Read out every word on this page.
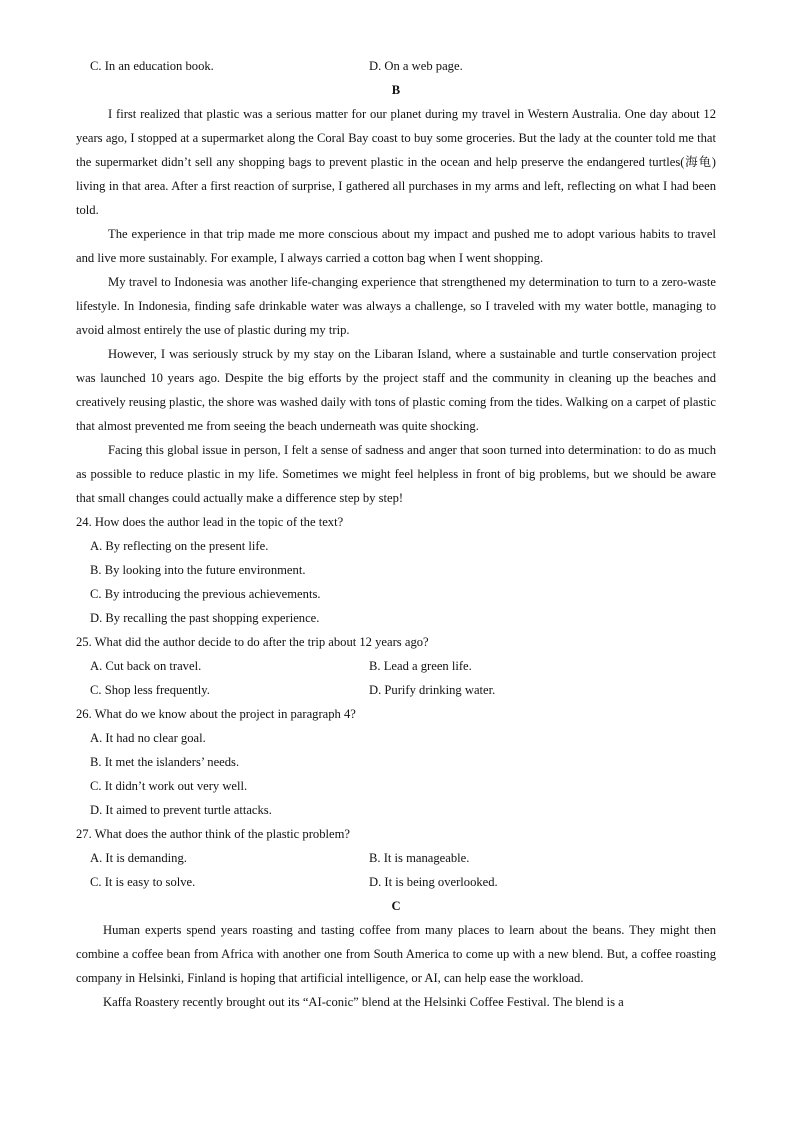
C. In an education book.	D. On a web page.
B

I first realized that plastic was a serious matter for our planet during my travel in Western Australia. One day about 12 years ago, I stopped at a supermarket along the Coral Bay coast to buy some groceries. But the lady at the counter told me that the supermarket didn’t sell any shopping bags to prevent plastic in the ocean and help preserve the endangered turtles(海龟) living in that area. After a first reaction of surprise, I gathered all purchases in my arms and left, reflecting on what I had been told.

The experience in that trip made me more conscious about my impact and pushed me to adopt various habits to travel and live more sustainably. For example, I always carried a cotton bag when I went shopping.

My travel to Indonesia was another life-changing experience that strengthened my determination to turn to a zero-waste lifestyle. In Indonesia, finding safe drinkable water was always a challenge, so I traveled with my water bottle, managing to avoid almost entirely the use of plastic during my trip.

However, I was seriously struck by my stay on the Libaran Island, where a sustainable and turtle conservation project was launched 10 years ago. Despite the big efforts by the project staff and the community in cleaning up the beaches and creatively reusing plastic, the shore was washed daily with tons of plastic coming from the tides. Walking on a carpet of plastic that almost prevented me from seeing the beach underneath was quite shocking.

Facing this global issue in person, I felt a sense of sadness and anger that soon turned into determination: to do as much as possible to reduce plastic in my life. Sometimes we might feel helpless in front of big problems, but we should be aware that small changes could actually make a difference step by step!

24. How does the author lead in the topic of the text?
A. By reflecting on the present life.
B. By looking into the future environment.
C. By introducing the previous achievements.
D. By recalling the past shopping experience.
25. What did the author decide to do after the trip about 12 years ago?
A. Cut back on travel.	B. Lead a green life.
C. Shop less frequently.	D. Purify drinking water.
26. What do we know about the project in paragraph 4?
A. It had no clear goal.
B. It met the islanders’ needs.
C. It didn’t work out very well.
D. It aimed to prevent turtle attacks.
27. What does the author think of the plastic problem?
A. It is demanding.	B. It is manageable.
C. It is easy to solve.	D. It is being overlooked.
C

Human experts spend years roasting and tasting coffee from many places to learn about the beans. They might then combine a coffee bean from Africa with another one from South America to come up with a new blend. But, a coffee roasting company in Helsinki, Finland is hoping that artificial intelligence, or AI, can help ease the workload.

Kaffa Roastery recently brought out its “AI-conic” blend at the Helsinki Coffee Festival. The blend is a
